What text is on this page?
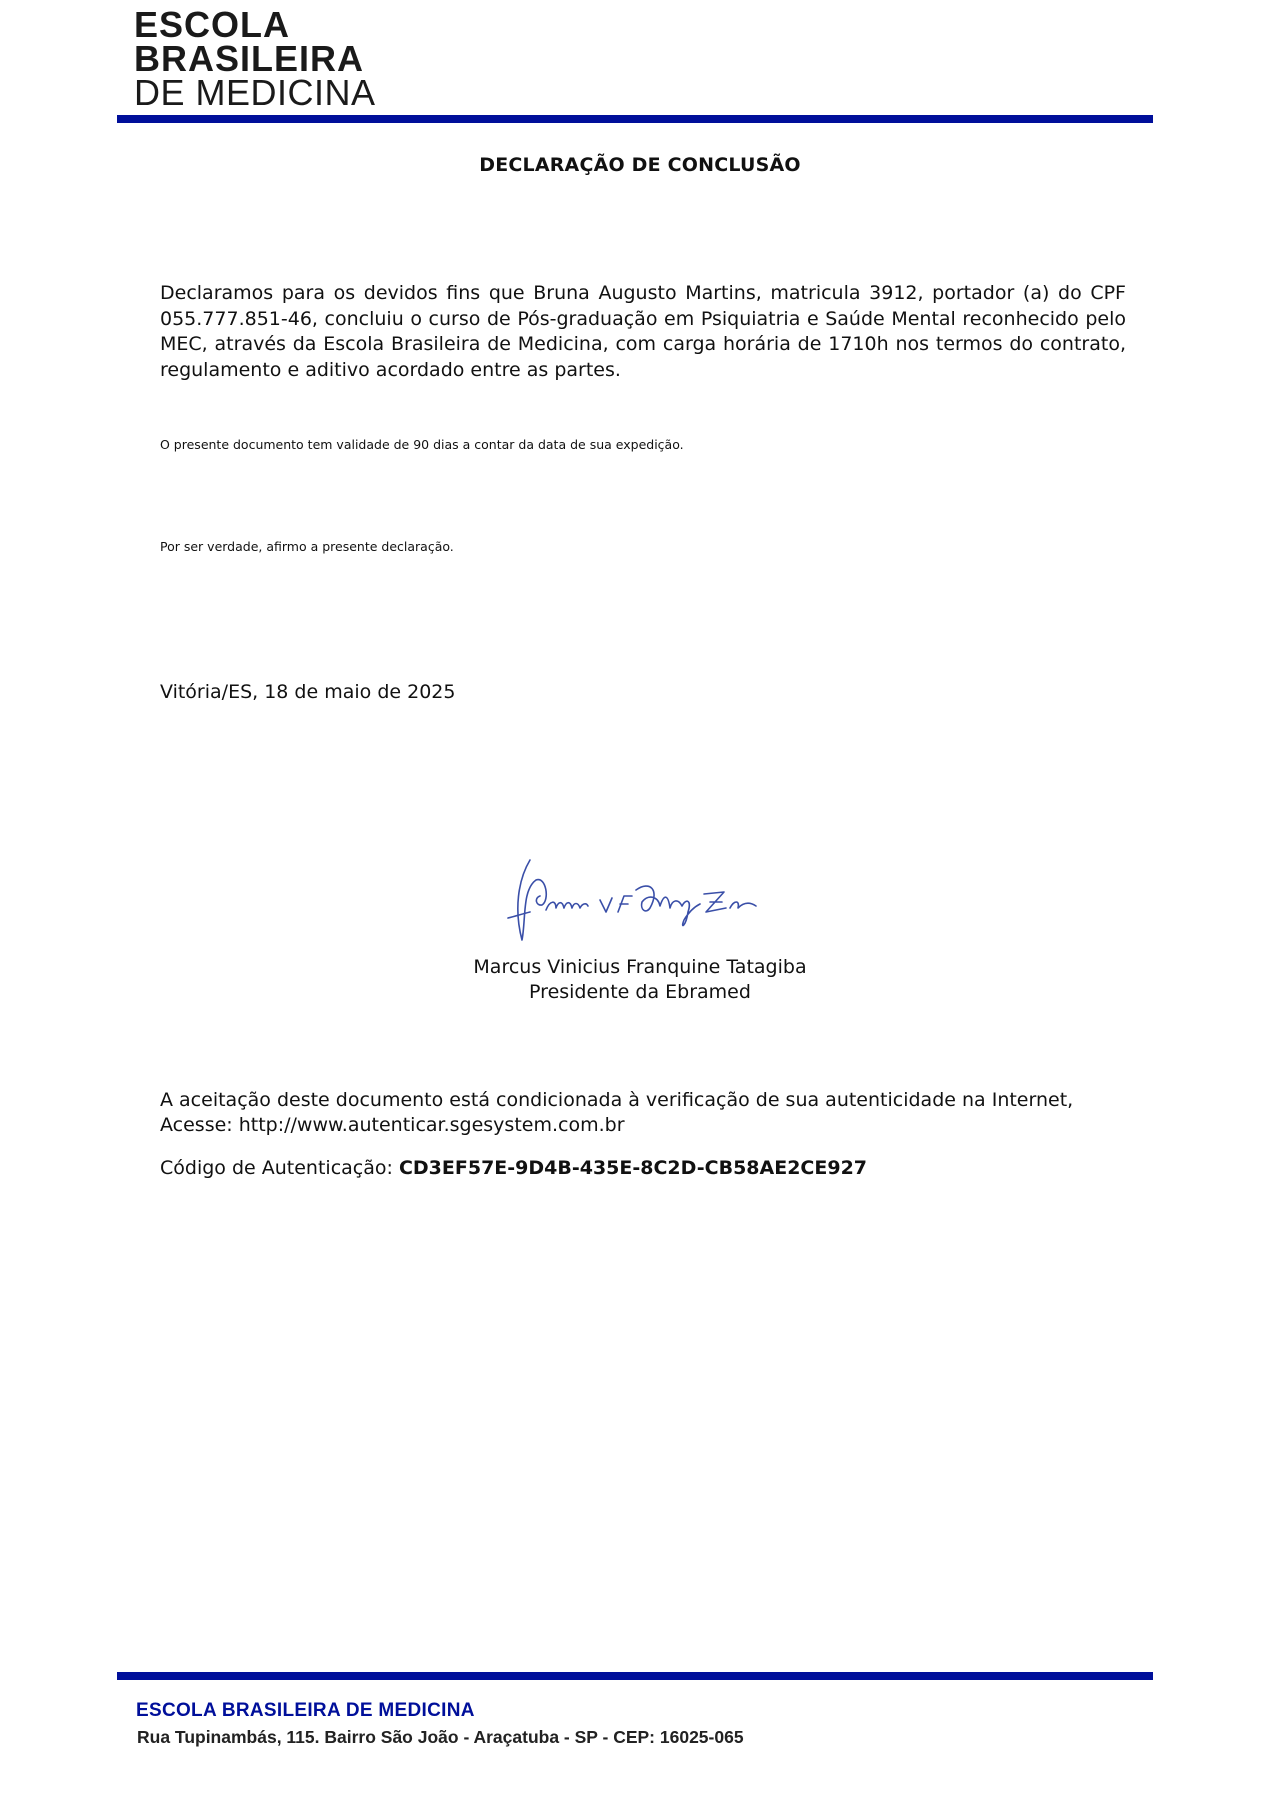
ESCOLA
BRASILEIRA
DE MEDICINA
DECLARAÇÃO DE CONCLUSÃO
Declaramos para os devidos fins que Bruna Augusto Martins, matricula 3912, portador (a) do CPF 055.777.851-46, concluiu o curso de Pós-graduação em Psiquiatria e Saúde Mental reconhecido pelo MEC, através da Escola Brasileira de Medicina, com carga horária de 1710h nos termos do contrato, regulamento e aditivo acordado entre as partes.
O presente documento tem validade de 90 dias a contar da data de sua expedição.
Por ser verdade, afirmo a presente declaração.
Vitória/ES, 18 de maio de 2025
Marcus Vinicius Franquine Tatagiba
Presidente da Ebramed
A aceitação deste documento está condicionada à verificação de sua autenticidade na Internet,
Acesse: http://www.autenticar.sgesystem.com.br
Código de Autenticação: CD3EF57E-9D4B-435E-8C2D-CB58AE2CE927
ESCOLA BRASILEIRA DE MEDICINA
Rua Tupinambás, 115. Bairro São João - Araçatuba - SP - CEP: 16025-065
